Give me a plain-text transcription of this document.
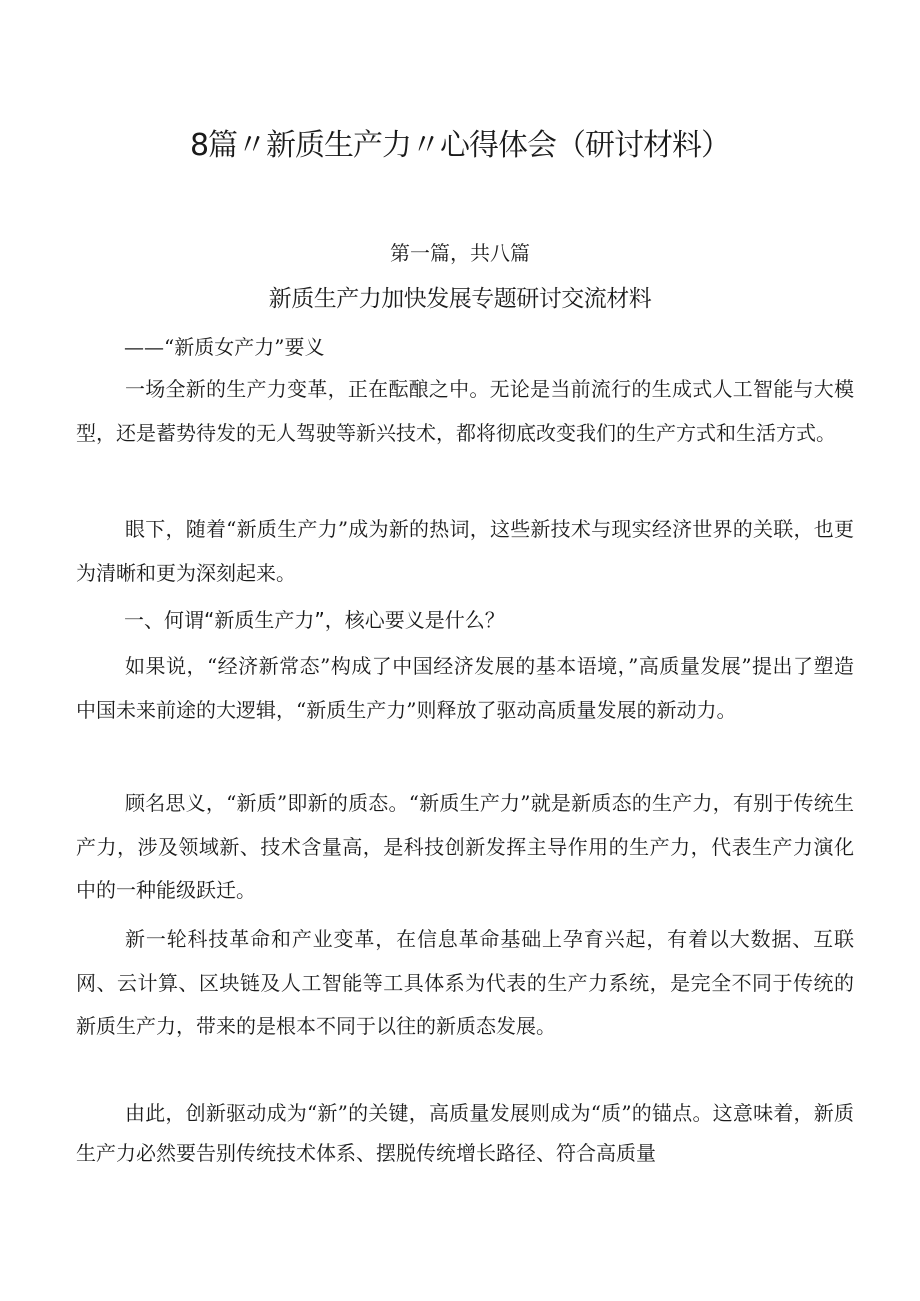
8篇〃新质生产力〃心得体会（研讨材料）
第一篇，共八篇
新质生产力加快发展专题研讨交流材料
——“新质女产力”要义

一场全新的生产力变革，正在酝酿之中。无论是当前流行的生成式人工智能与大模型，还是蓄势待发的无人驾驶等新兴技术，都将彻底改变我们的生产方式和生活方式。

眼下，随着“新质生产力”成为新的热词，这些新技术与现实经济世界的关联，也更为清晰和更为深刻起来。

一、何谓“新质生产力”，核心要义是什么？

如果说，“经济新常态”构成了中国经济发展的基本语境，”高质量发展”提出了塑造中国未来前途的大逻辑，“新质生产力”则释放了驱动高质量发展的新动力。

顾名思义，“新质”即新的质态。“新质生产力”就是新质态的生产力，有别于传统生产力，涉及领域新、技术含量高，是科技创新发挥主导作用的生产力，代表生产力演化中的一种能级跃迁。

新一轮科技革命和产业变革，在信息革命基础上孕育兴起，有着以大数据、互联网、云计算、区块链及人工智能等工具体系为代表的生产力系统，是完全不同于传统的新质生产力，带来的是根本不同于以往的新质态发展。

由此，创新驱动成为“新”的关键，高质量发展则成为“质”的锚点。这意味着，新质生产力必然要告别传统技术体系、摆脱传统增长路径、符合高质量
